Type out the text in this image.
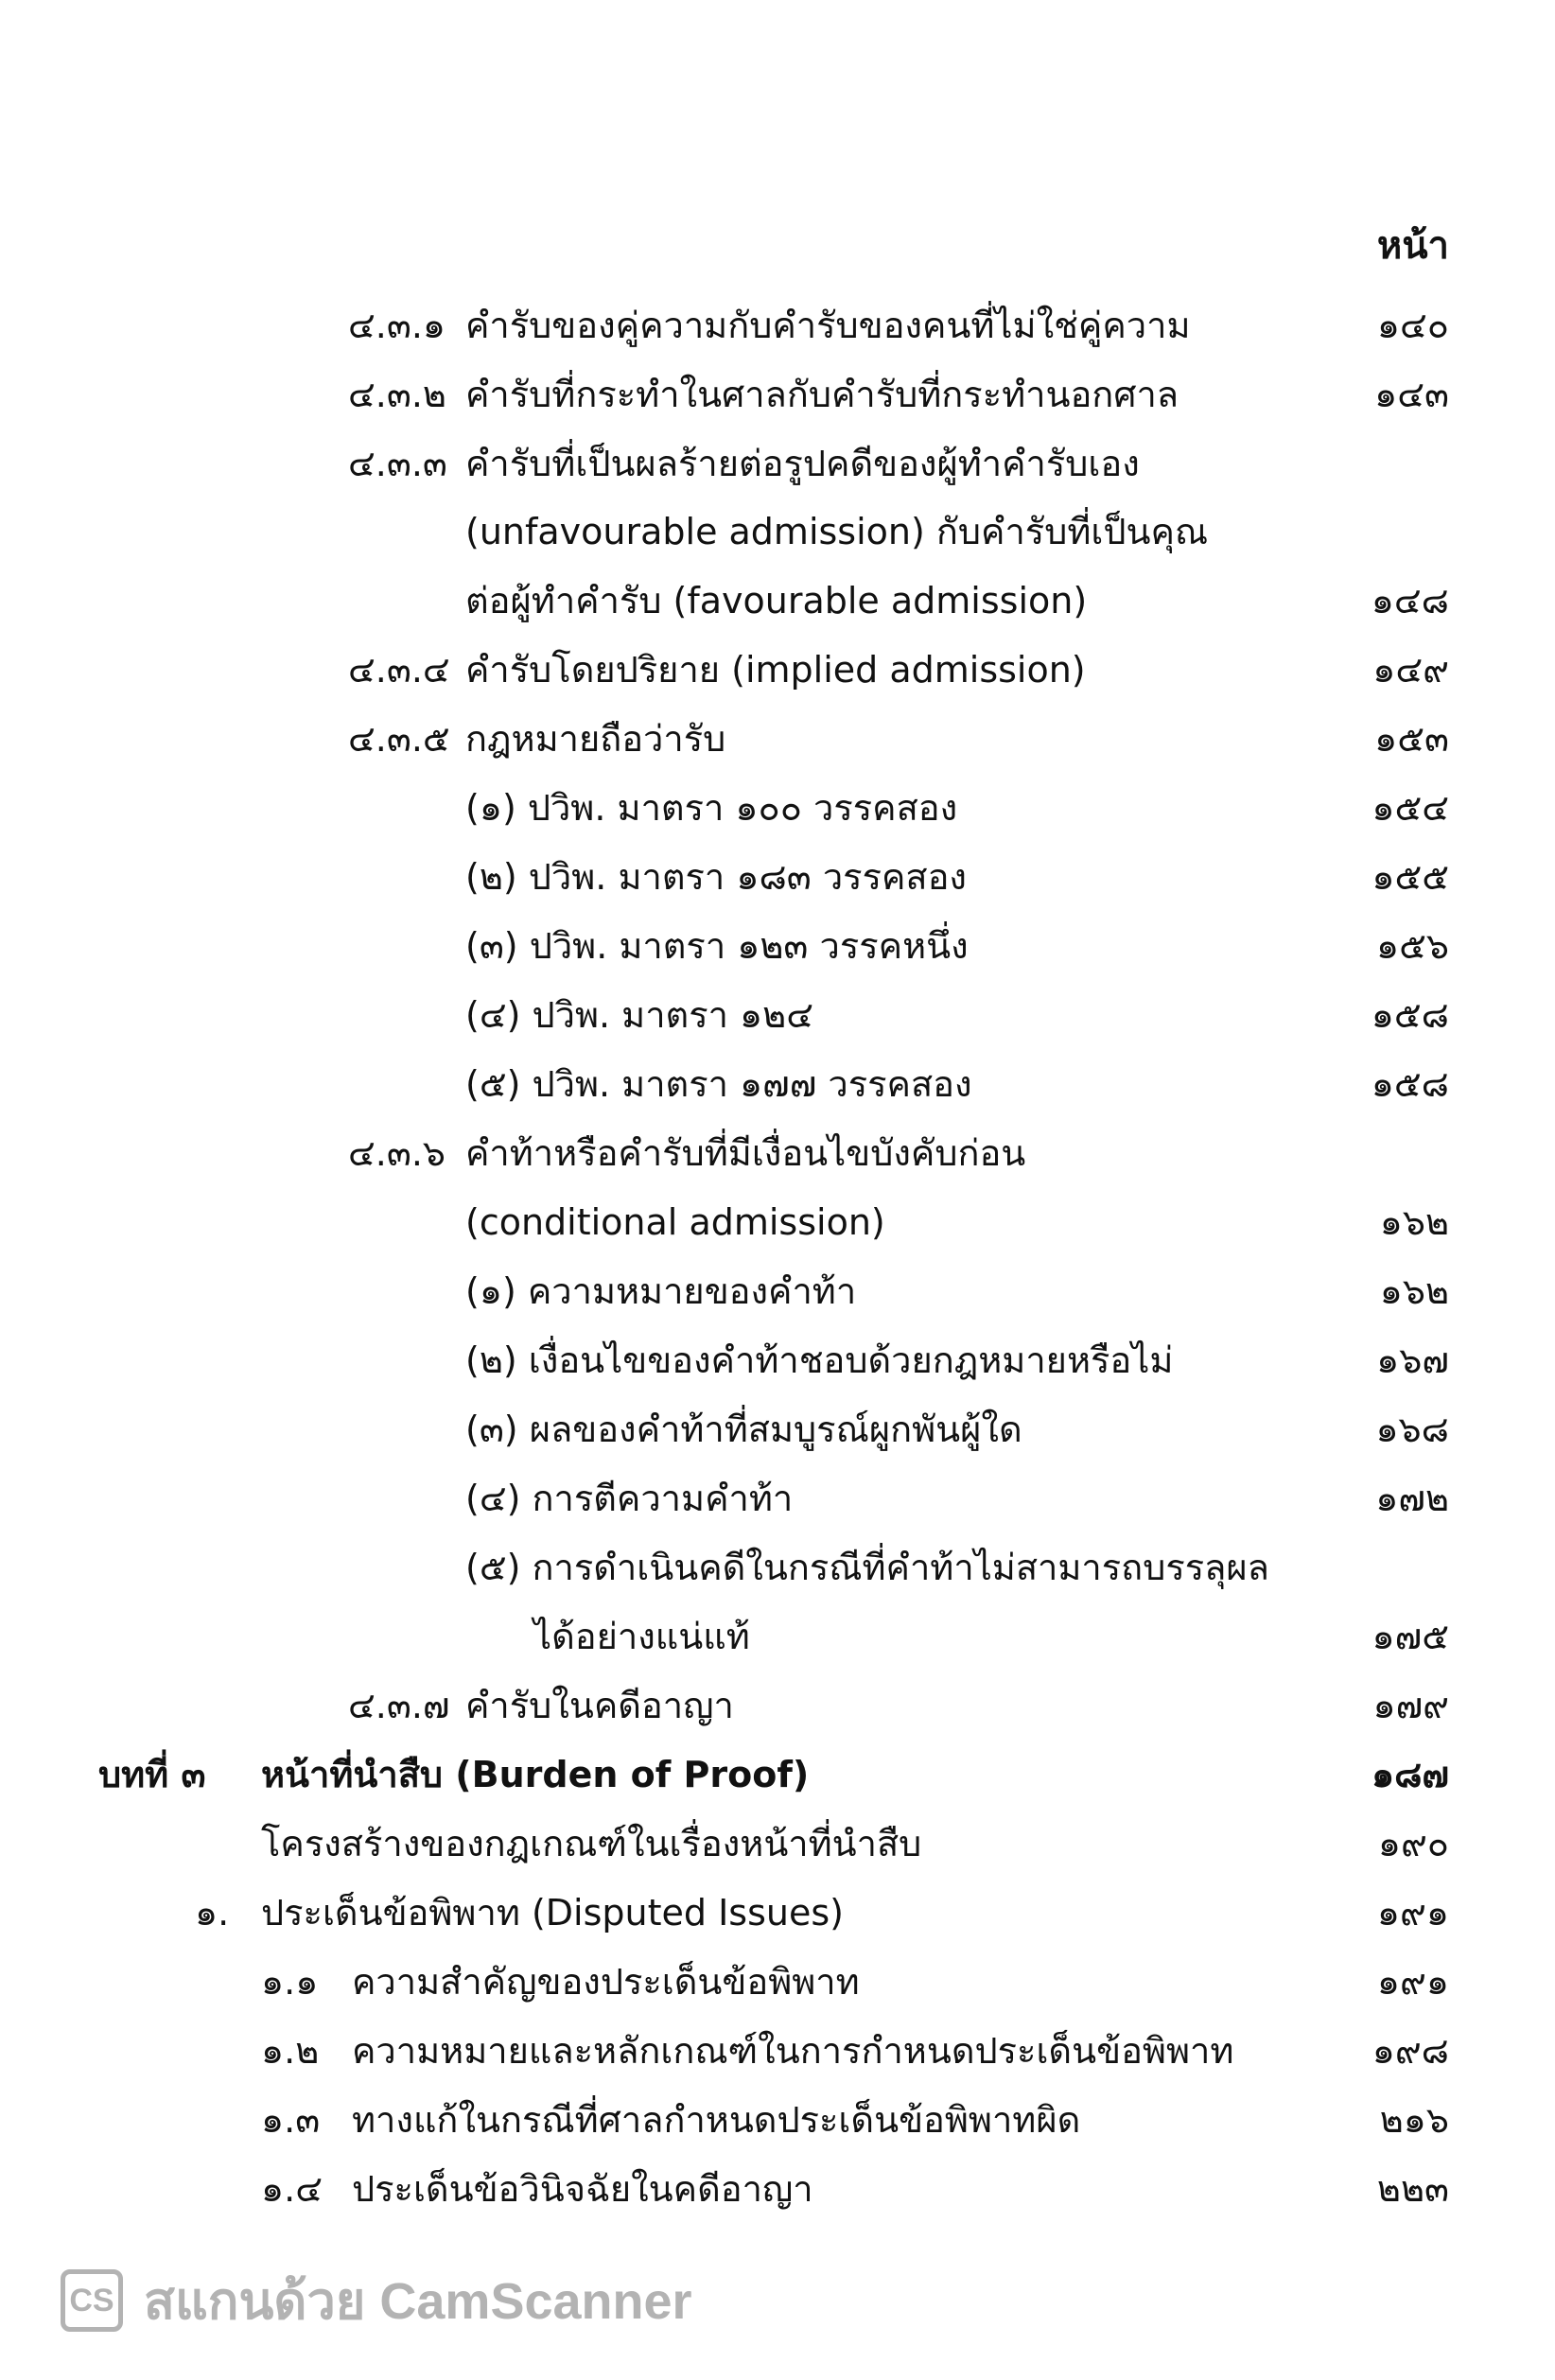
หน้า
๔.๓.๑ คำรับของคู่ความกับคำรับของคนที่ไม่ใช่คู่ความ	๑๔๐
๔.๓.๒ คำรับที่กระทำในศาลกับคำรับที่กระทำนอกศาล	๑๔๓
๔.๓.๓ คำรับที่เป็นผลร้ายต่อรูปคดีของผู้ทำคำรับเอง
(unfavourable admission) กับคำรับที่เป็นคุณ
ต่อผู้ทำคำรับ (favourable admission)	๑๔๘
๔.๓.๔ คำรับโดยปริยาย (implied admission)	๑๔๙
๔.๓.๕ กฎหมายถือว่ารับ	๑๕๓
(๑) ปวิพ. มาตรา ๑๐๐ วรรคสอง	๑๕๔
(๒) ปวิพ. มาตรา ๑๘๓ วรรคสอง	๑๕๕
(๓) ปวิพ. มาตรา ๑๒๓ วรรคหนึ่ง	๑๕๖
(๔) ปวิพ. มาตรา ๑๒๔	๑๕๘
(๕) ปวิพ. มาตรา ๑๗๗ วรรคสอง	๑๕๘
๔.๓.๖ คำท้าหรือคำรับที่มีเงื่อนไขบังคับก่อน
(conditional admission)	๑๖๒
(๑) ความหมายของคำท้า	๑๖๒
(๒) เงื่อนไขของคำท้าชอบด้วยกฎหมายหรือไม่	๑๖๗
(๓) ผลของคำท้าที่สมบูรณ์ผูกพันผู้ใด	๑๖๘
(๔) การตีความคำท้า	๑๗๒
(๕) การดำเนินคดีในกรณีที่คำท้าไม่สามารถบรรลุผล
ได้อย่างแน่แท้	๑๗๕
๔.๓.๗ คำรับในคดีอาญา	๑๗๙
บทที่ ๓ หน้าที่นำสืบ (Burden of Proof)	๑๘๗
โครงสร้างของกฎเกณฑ์ในเรื่องหน้าที่นำสืบ	๑๙๐
๑. ประเด็นข้อพิพาท (Disputed Issues)	๑๙๑
๑.๑ ความสำคัญของประเด็นข้อพิพาท	๑๙๑
๑.๒ ความหมายและหลักเกณฑ์ในการกำหนดประเด็นข้อพิพาท	๑๙๘
๑.๓ ทางแก้ในกรณีที่ศาลกำหนดประเด็นข้อพิพาทผิด	๒๑๖
๑.๔ ประเด็นข้อวินิจฉัยในคดีอาญา	๒๒๓
CS สแกนด้วย CamScanner
